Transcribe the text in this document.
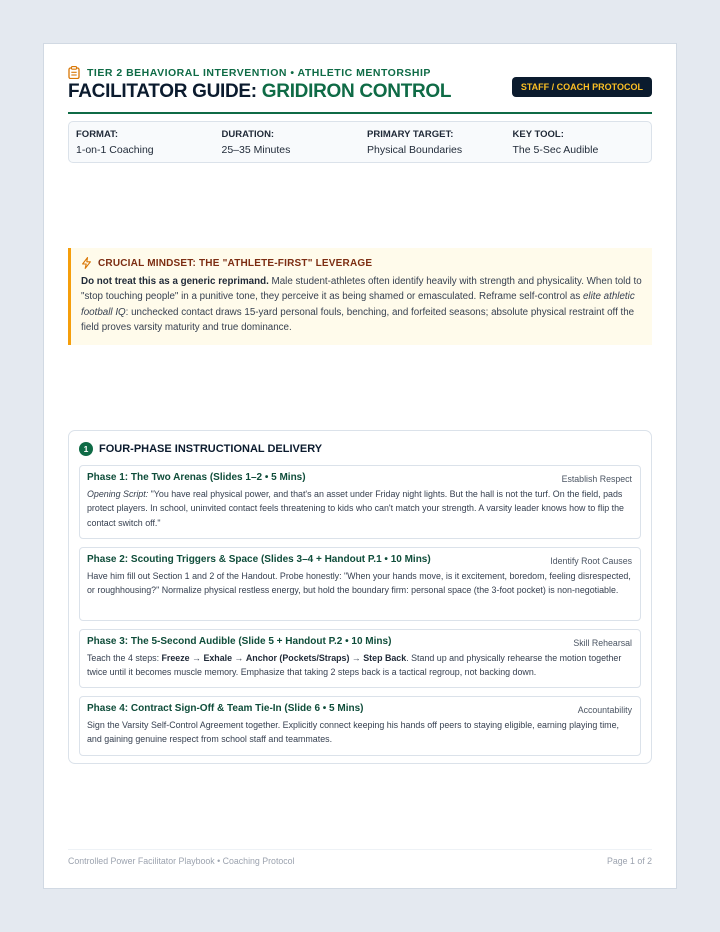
TIER 2 BEHAVIORAL INTERVENTION • ATHLETIC MENTORSHIP
FACILITATOR GUIDE: GRIDIRON CONTROL	STAFF / COACH PROTOCOL
FORMAT:
1-on-1 Coaching
DURATION:
25–35 Minutes
PRIMARY TARGET:
Physical Boundaries
KEY TOOL:
The 5-Sec Audible
CRUCIAL MINDSET: THE "ATHLETE-FIRST" LEVERAGE
Do not treat this as a generic reprimand. Male student-athletes often identify heavily with strength and physicality. When told to "stop touching people" in a punitive tone, they perceive it as being shamed or emasculated. Reframe self-control as elite athletic football IQ: unchecked contact draws 15-yard personal fouls, benching, and forfeited seasons; absolute physical restraint off the field proves varsity maturity and true dominance.
1 FOUR-PHASE INSTRUCTIONAL DELIVERY
Phase 1: The Two Arenas (Slides 1–2 • 5 Mins)	Establish Respect
Opening Script: "You have real physical power, and that's an asset under Friday night lights. But the hall is not the turf. On the field, pads protect players. In school, uninvited contact feels threatening to kids who can't match your strength. A varsity leader knows how to flip the contact switch off."
Phase 2: Scouting Triggers & Space (Slides 3–4 + Handout P.1 • 10 Mins)	Identify Root Causes
Have him fill out Section 1 and 2 of the Handout. Probe honestly: "When your hands move, is it excitement, boredom, feeling disrespected, or roughhousing?" Normalize physical restless energy, but hold the boundary firm: personal space (the 3-foot pocket) is non-negotiable.
Phase 3: The 5-Second Audible (Slide 5 + Handout P.2 • 10 Mins)	Skill Rehearsal
Teach the 4 steps: Freeze → Exhale → Anchor (Pockets/Straps) → Step Back. Stand up and physically rehearse the motion together twice until it becomes muscle memory. Emphasize that taking 2 steps back is a tactical regroup, not backing down.
Phase 4: Contract Sign-Off & Team Tie-In (Slide 6 • 5 Mins)	Accountability
Sign the Varsity Self-Control Agreement together. Explicitly connect keeping his hands off peers to staying eligible, earning playing time, and gaining genuine respect from school staff and teammates.
Controlled Power Facilitator Playbook • Coaching Protocol	Page 1 of 2
